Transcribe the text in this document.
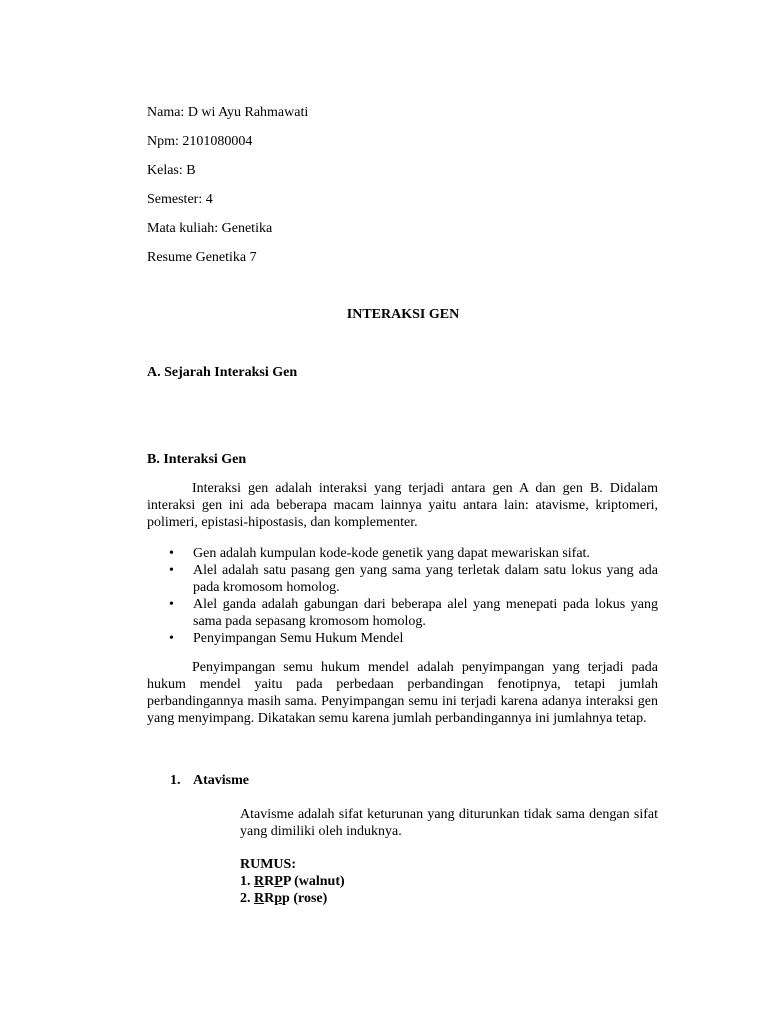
Nama: D wi Ayu Rahmawati
Npm: 2101080004
Kelas: B
Semester: 4
Mata kuliah: Genetika
Resume Genetika 7
INTERAKSI GEN
A. Sejarah Interaksi Gen
B. Interaksi Gen
Interaksi gen adalah interaksi yang terjadi antara gen A dan gen B. Didalam interaksi gen ini ada beberapa macam lainnya yaitu antara lain: atavisme, kriptomeri, polimeri, epistasi-hipostasis, dan komplementer.
• Gen adalah kumpulan kode-kode genetik yang dapat mewariskan sifat.
• Alel adalah satu pasang gen yang sama yang terletak dalam satu lokus yang ada pada kromosom homolog.
• Alel ganda adalah gabungan dari beberapa alel yang menepati pada lokus yang sama pada sepasang kromosom homolog.
• Penyimpangan Semu Hukum Mendel
Penyimpangan semu hukum mendel adalah penyimpangan yang terjadi pada hukum mendel yaitu pada perbedaan perbandingan fenotipnya, tetapi jumlah perbandingannya masih sama. Penyimpangan semu ini terjadi karena adanya interaksi gen yang menyimpang. Dikatakan semu karena jumlah perbandingannya ini jumlahnya tetap.
1. Atavisme
Atavisme adalah sifat keturunan yang diturunkan tidak sama dengan sifat yang dimiliki oleh induknya.
RUMUS:
1. RRPP (walnut)
2. RRpp (rose)
